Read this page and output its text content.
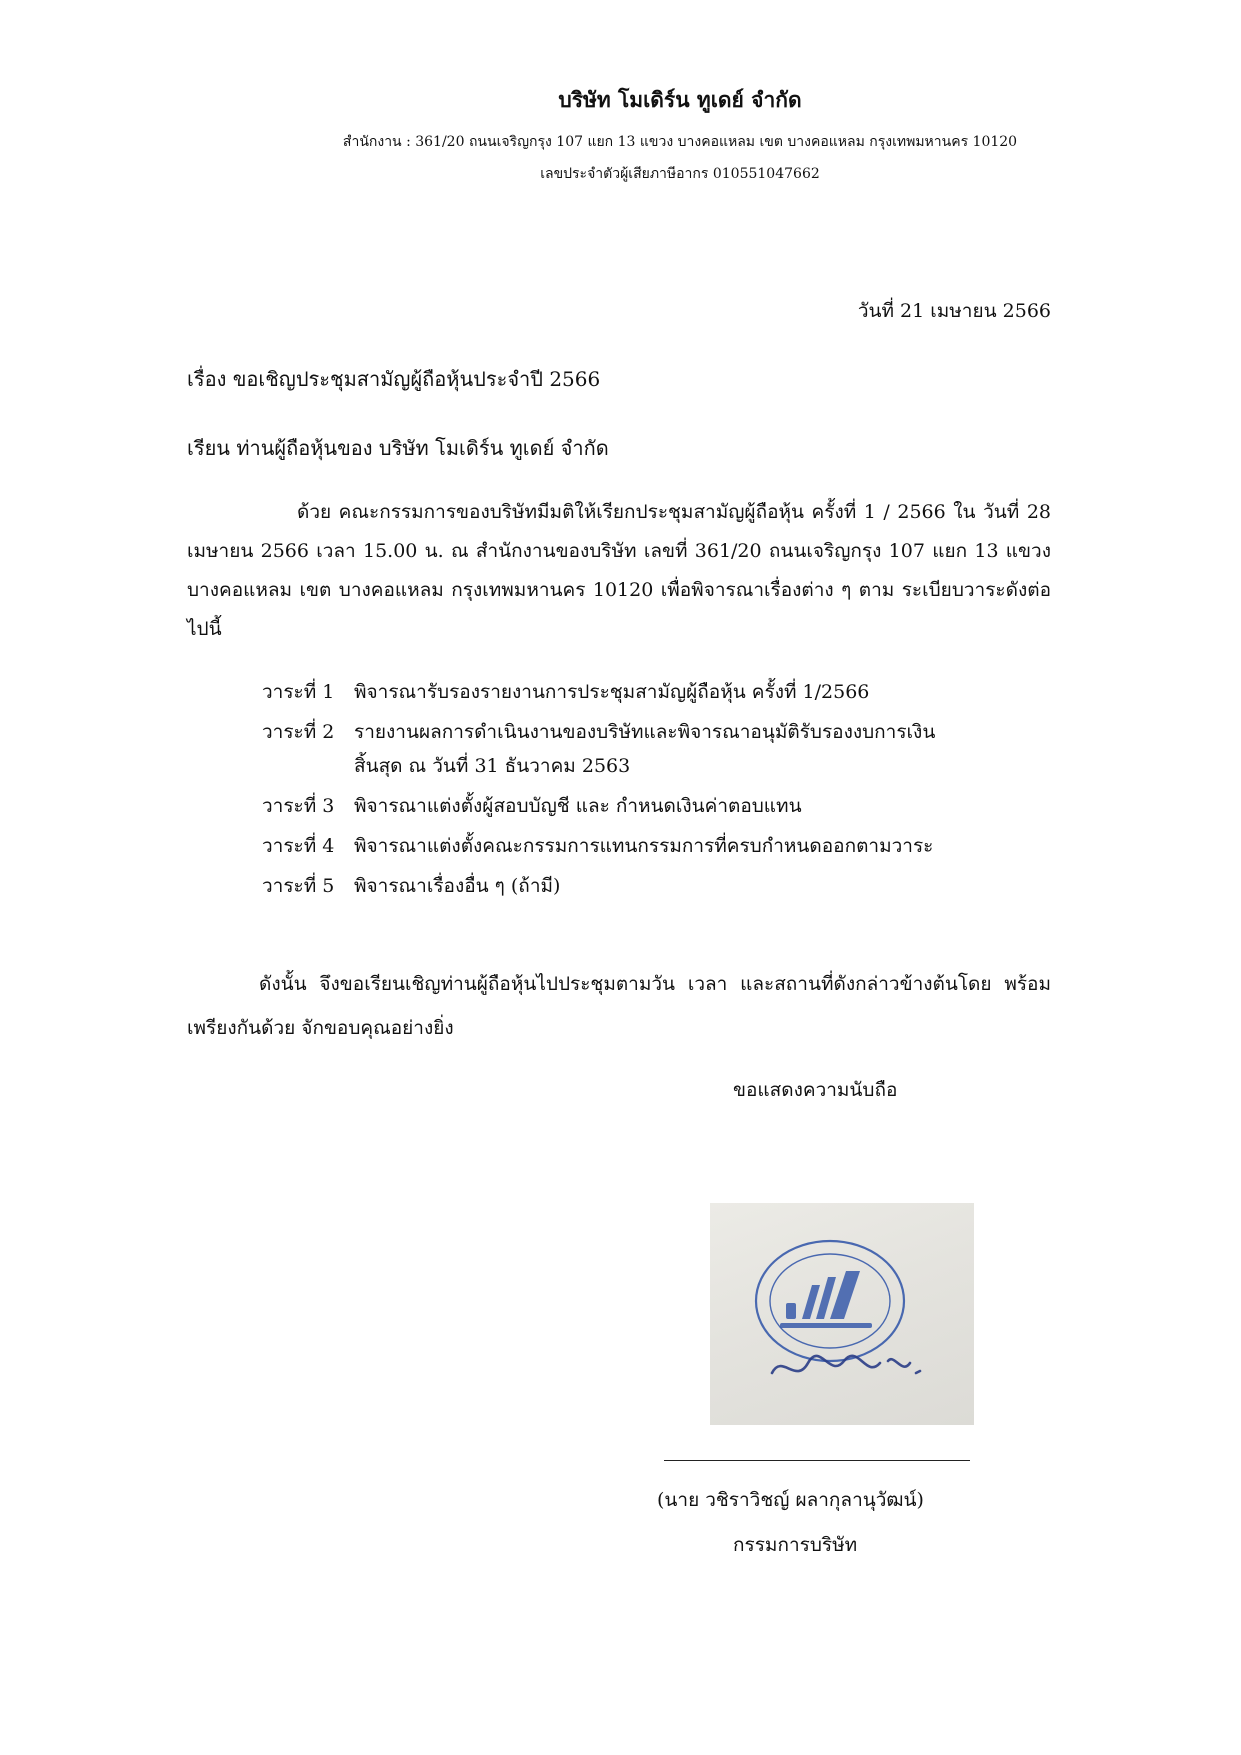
บริษัท โมเดิร์น ทูเดย์ จำกัด
สำนักงาน : 361/20 ถนนเจริญกรุง 107 แยก 13 แขวง บางคอแหลม เขต บางคอแหลม กรุงเทพมหานคร 10120
เลขประจำตัวผู้เสียภาษีอากร 010551047662
วันที่ 21 เมษายน 2566
เรื่อง ขอเชิญประชุมสามัญผู้ถือหุ้นประจำปี 2566
เรียน ท่านผู้ถือหุ้นของ บริษัท โมเดิร์น ทูเดย์ จำกัด
ด้วย คณะกรรมการของบริษัทมีมติให้เรียกประชุมสามัญผู้ถือหุ้น ครั้งที่ 1 / 2566 ใน วันที่ 28 เมษายน 2566 เวลา 15.00 น. ณ สำนักงานของบริษัท เลขที่ 361/20 ถนนเจริญกรุง 107 แยก 13 แขวง บางคอแหลม เขต บางคอแหลม กรุงเทพมหานคร 10120 เพื่อพิจารณาเรื่องต่าง ๆ ตาม ระเบียบวาระดังต่อไปนี้
วาระที่ 1	พิจารณารับรองรายงานการประชุมสามัญผู้ถือหุ้น ครั้งที่ 1/2566
วาระที่ 2	รายงานผลการดำเนินงานของบริษัทและพิจารณาอนุมัติรับรองงบการเงิน
สิ้นสุด ณ วันที่ 31 ธันวาคม 2563
วาระที่ 3	พิจารณาแต่งตั้งผู้สอบบัญชี และ กำหนดเงินค่าตอบแทน
วาระที่ 4	พิจารณาแต่งตั้งคณะกรรมการแทนกรรมการที่ครบกำหนดออกตามวาระ
วาระที่ 5	พิจารณาเรื่องอื่น ๆ (ถ้ามี)
ดังนั้น จึงขอเรียนเชิญท่านผู้ถือหุ้นไปประชุมตามวัน เวลา และสถานที่ดังกล่าวข้างต้นโดย พร้อมเพรียงกันด้วย จักขอบคุณอย่างยิ่ง
ขอแสดงความนับถือ
(นาย วชิราวิชญ์ ผลากุลานุวัฒน์)
กรรมการบริษัท
